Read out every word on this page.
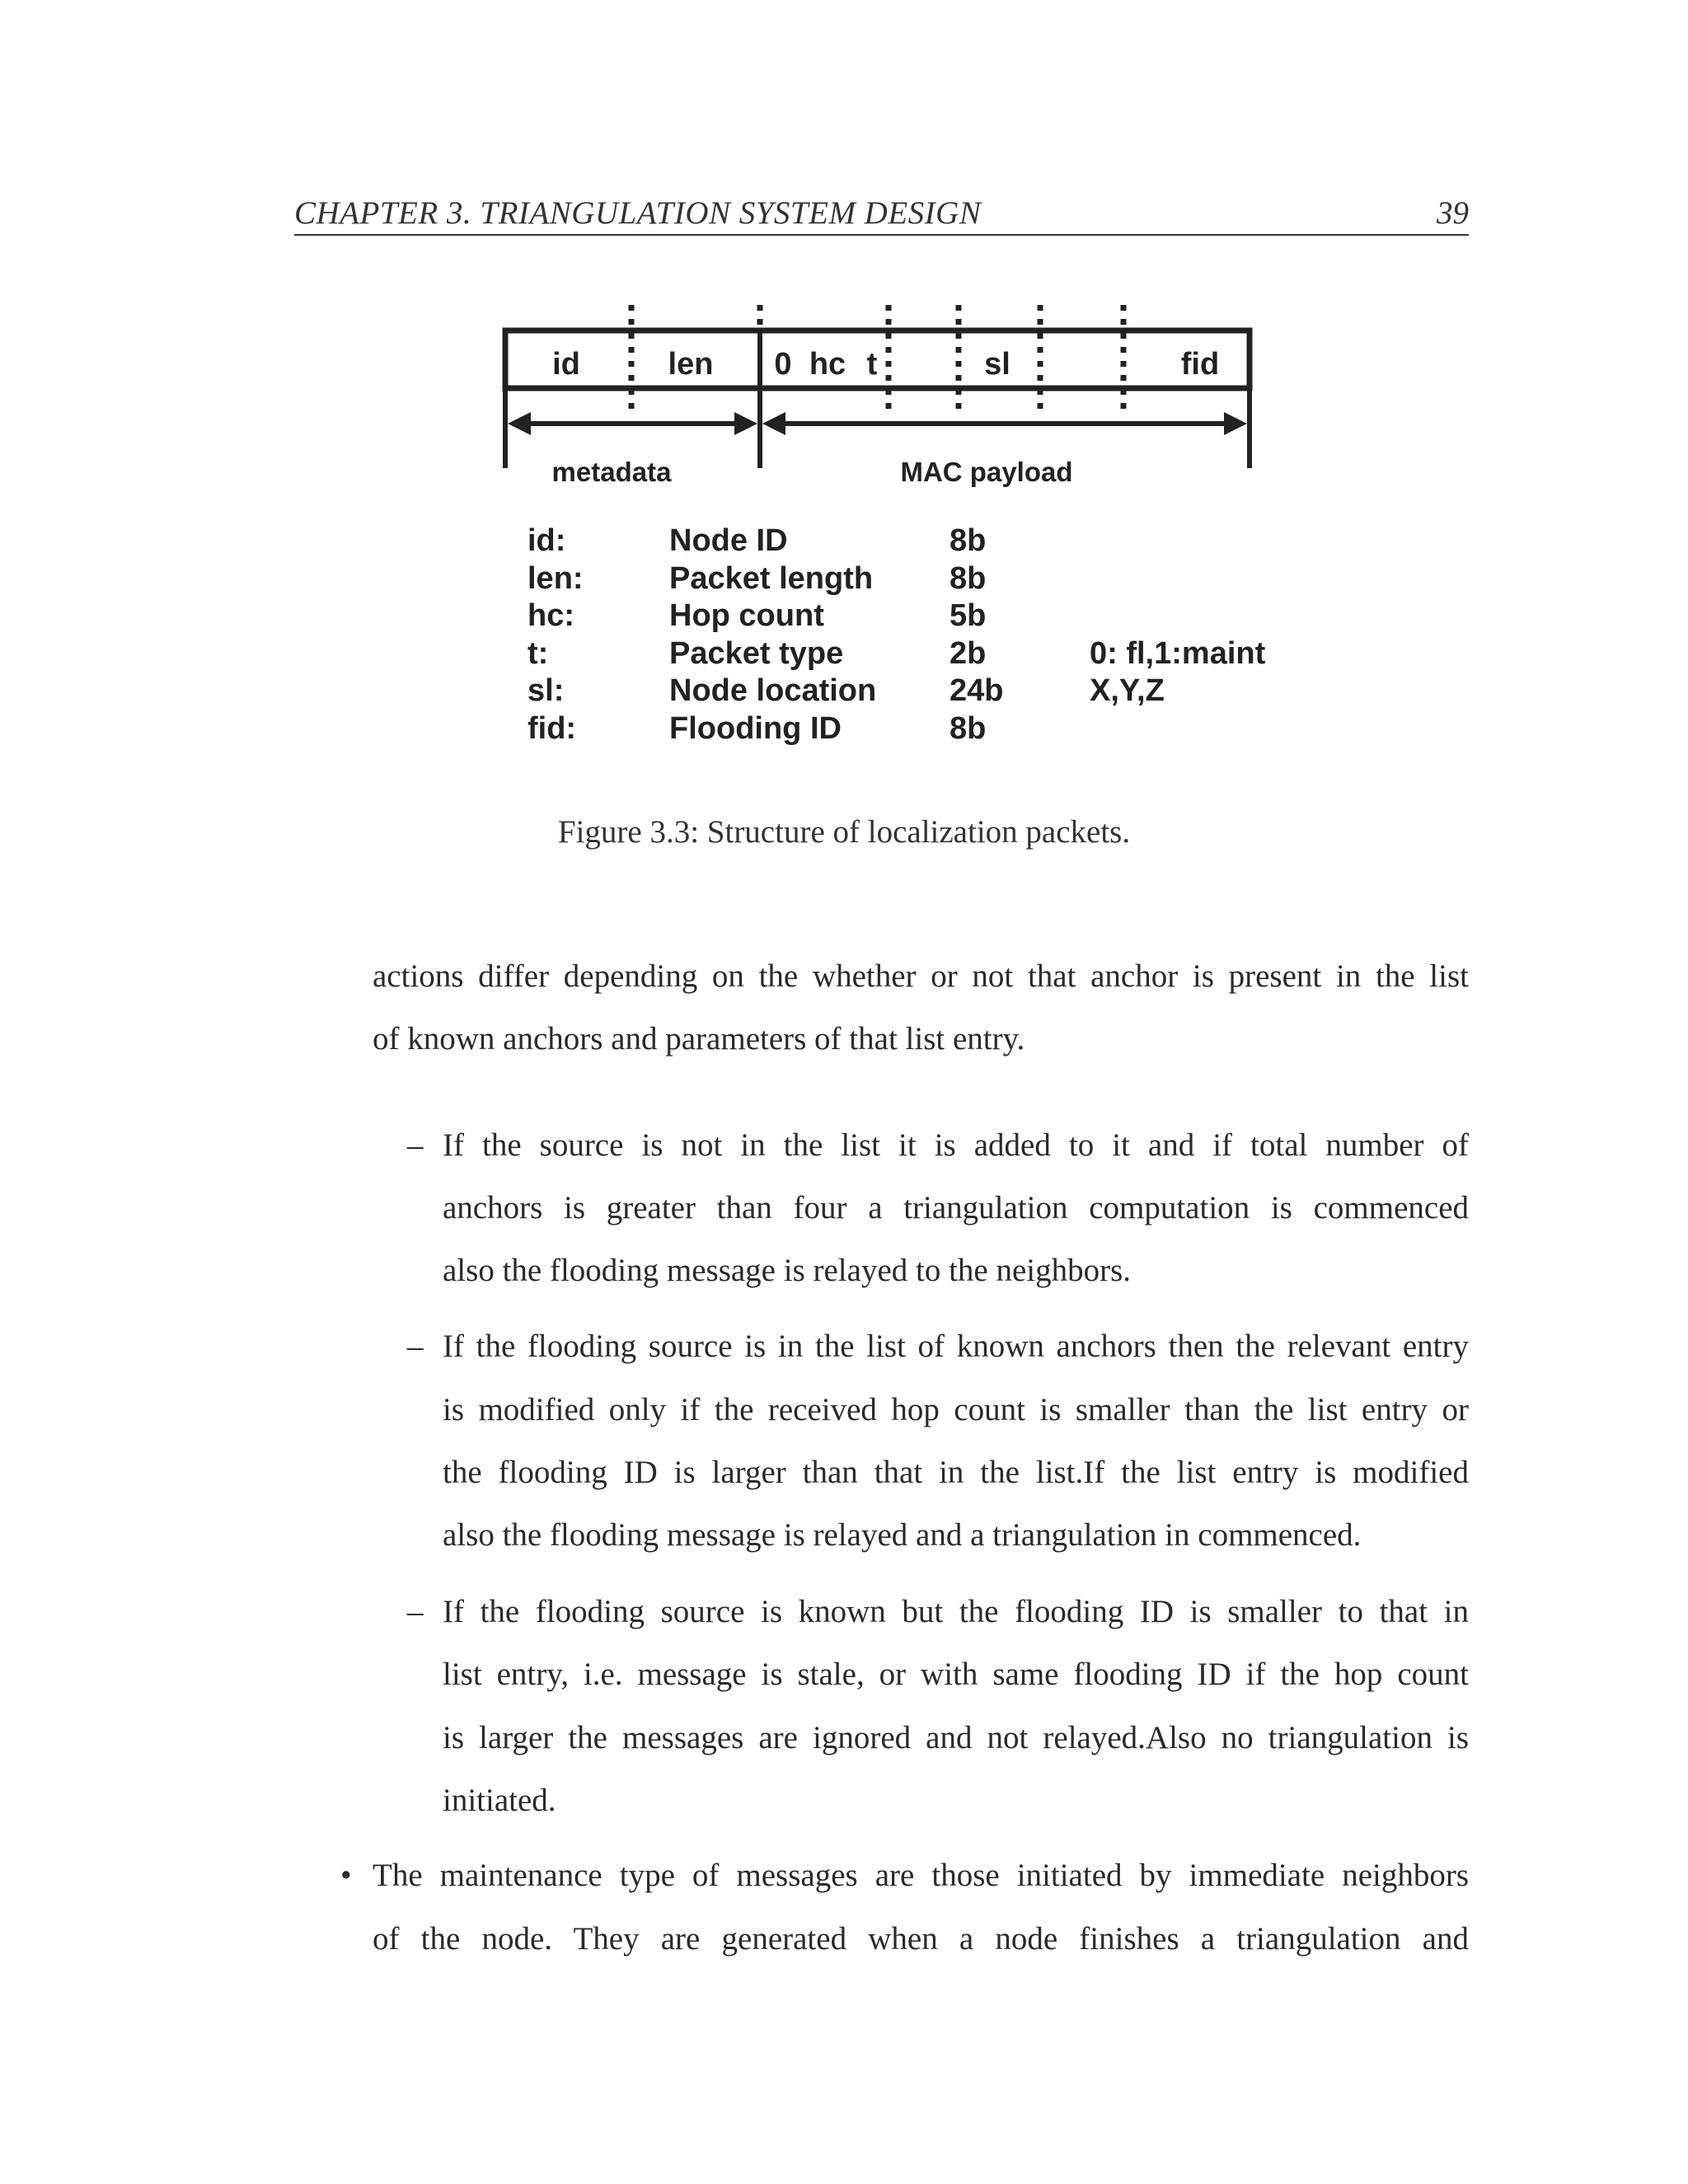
CHAPTER 3. TRIANGULATION SYSTEM DESIGN	39
id	len 0 hc t	sl	fid
metadata	MAC payload
id:	Node ID	8b
len:	Packet length 8b
hc:	Hop count	5b
t:	Packet type	2b	0: fl,1:maint
sl:	Node location 24b	X,Y,Z
fid:	Flooding ID	8b
Figure 3.3: Structure of localization packets.
actions differ depending on the whether or not that anchor is present in the list
of known anchors and parameters of that list entry.
– If the source is not in the list it is added to it and if total number of
anchors is greater than four a triangulation computation is commenced
also the flooding message is relayed to the neighbors.
– If the flooding source is in the list of known anchors then the relevant entry
is modified only if the received hop count is smaller than the list entry or
the flooding ID is larger than that in the list.If the list entry is modified
also the flooding message is relayed and a triangulation in commenced.
– If the flooding source is known but the flooding ID is smaller to that in
list entry, i.e. message is stale, or with same flooding ID if the hop count
is larger the messages are ignored and not relayed.Also no triangulation is
initiated.
• The maintenance type of messages are those initiated by immediate neighbors
of the node. They are generated when a node finishes a triangulation and
